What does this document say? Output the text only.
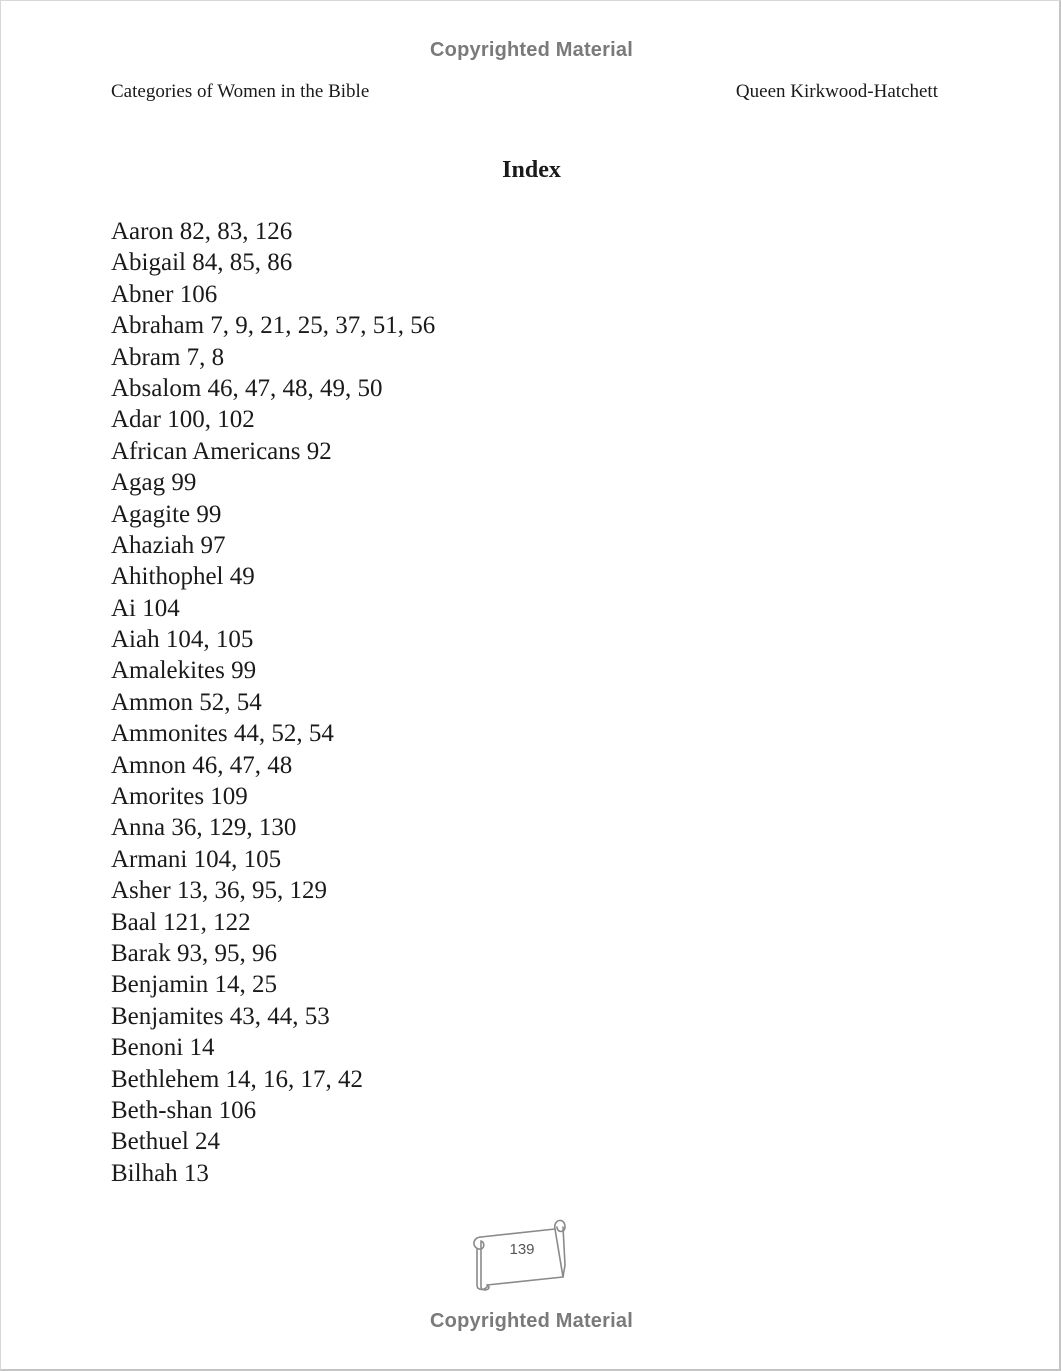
Copyrighted Material
Categories of Women in the Bible	Queen Kirkwood-Hatchett
Index
Aaron 82, 83, 126
Abigail 84, 85, 86
Abner 106
Abraham 7, 9, 21, 25, 37, 51, 56
Abram 7, 8
Absalom 46, 47, 48, 49, 50
Adar 100, 102
African Americans 92
Agag 99
Agagite 99
Ahaziah 97
Ahithophel 49
Ai 104
Aiah 104, 105
Amalekites 99
Ammon 52, 54
Ammonites 44, 52, 54
Amnon 46, 47, 48
Amorites 109
Anna 36, 129, 130
Armani 104, 105
Asher 13, 36, 95, 129
Baal 121, 122
Barak 93, 95, 96
Benjamin 14, 25
Benjamites 43, 44, 53
Benoni 14
Bethlehem 14, 16, 17, 42
Beth-shan 106
Bethuel 24
Bilhah 13
139
Copyrighted Material
